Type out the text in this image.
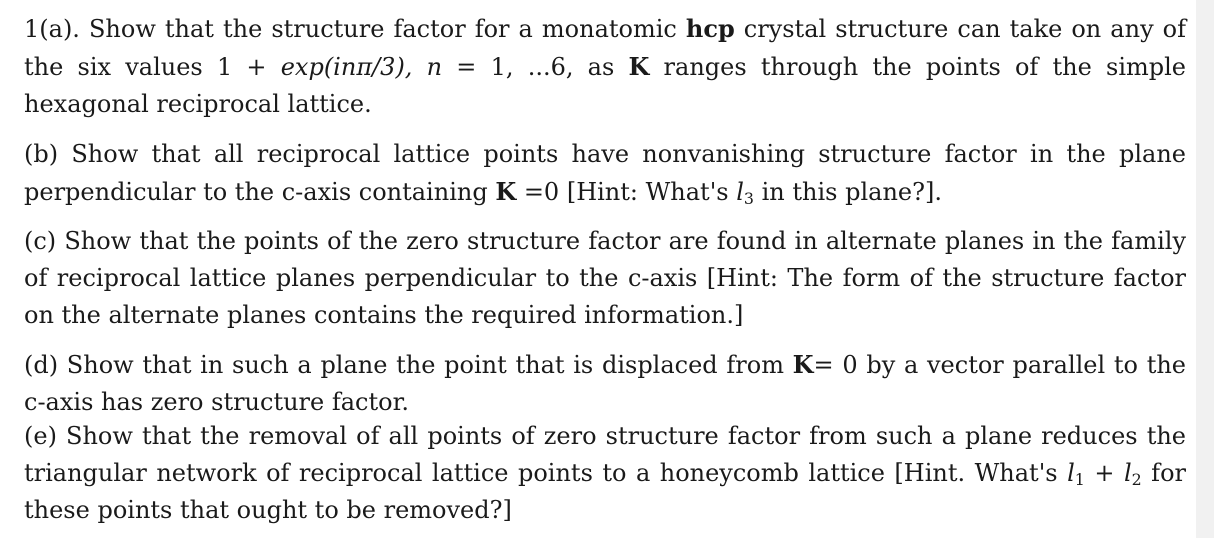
1(a). Show that the structure factor for a monatomic hcp crystal structure can take on any of the six values 1 + exp(inπ/3), n = 1, ...6, as K ranges through the points of the simple hexagonal reciprocal lattice.

(b) Show that all reciprocal lattice points have nonvanishing structure factor in the plane perpendicular to the c-axis containing K =0 [Hint: What's $l_3$ in this plane?].

(c) Show that the points of the zero structure factor are found in alternate planes in the family of reciprocal lattice planes perpendicular to the c-axis [Hint: The form of the structure factor on the alternate planes contains the required information.]

(d) Show that in such a plane the point that is displaced from K= 0 by a vector parallel to the c-axis has zero structure factor.

(e) Show that the removal of all points of zero structure factor from such a plane reduces the triangular network of reciprocal lattice points to a honeycomb lattice [Hint. What's $l_1 + l_2$ for these points that ought to be removed?]
